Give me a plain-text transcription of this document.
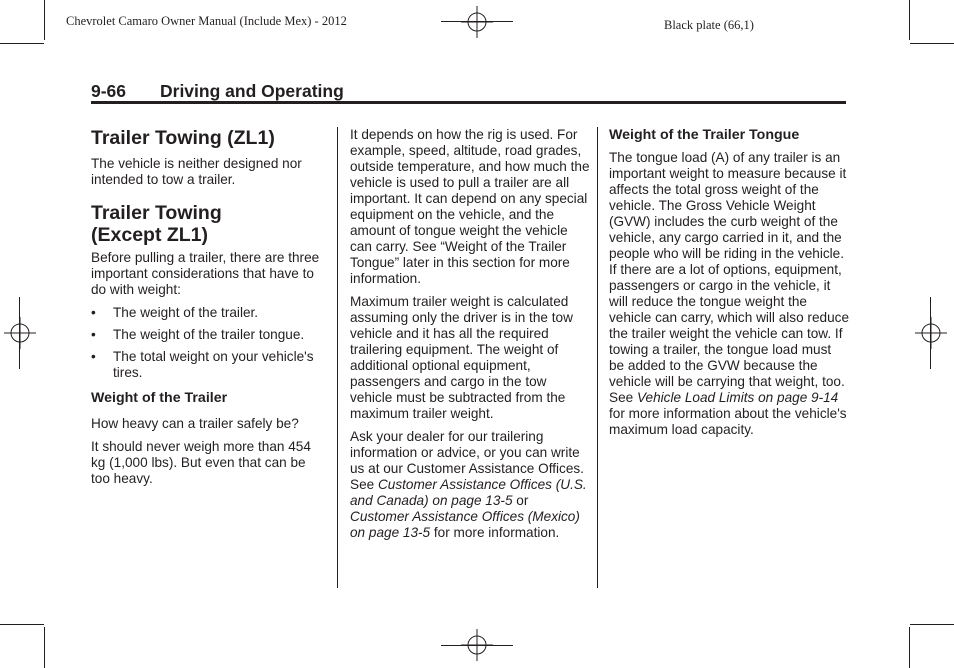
Chevrolet Camaro Owner Manual (Include Mex) - 2012	Black plate (66,1)
9-66 Driving and Operating
Trailer Towing (ZL1)

The vehicle is neither designed nor intended to tow a trailer.

Trailer Towing
(Except ZL1)

Before pulling a trailer, there are three important considerations that have to do with weight:

• The weight of the trailer.
• The weight of the trailer tongue.
• The total weight on your vehicle's tires.
Weight of the Trailer

How heavy can a trailer safely be?

It should never weigh more than 454 kg (1,000 lbs). But even that can be too heavy.

It depends on how the rig is used. For example, speed, altitude, road grades, outside temperature, and how much the vehicle is used to pull a trailer are all important. It can depend on any special equipment on the vehicle, and the amount of tongue weight the vehicle can carry. See “Weight of the Trailer Tongue” later in this section for more information.

Maximum trailer weight is calculated assuming only the driver is in the tow vehicle and it has all the required trailering equipment. The weight of additional optional equipment, passengers and cargo in the tow vehicle must be subtracted from the maximum trailer weight.

Ask your dealer for our trailering information or advice, or you can write us at our Customer Assistance Offices. See Customer Assistance Offices (U.S. and Canada) on page 13-5 or Customer Assistance Offices (Mexico) on page 13-5 for more information.

Weight of the Trailer Tongue

The tongue load (A) of any trailer is an important weight to measure because it affects the total gross weight of the vehicle. The Gross Vehicle Weight (GVW) includes the curb weight of the vehicle, any cargo carried in it, and the people who will be riding in the vehicle.

If there are a lot of options, equipment, passengers or cargo in the vehicle, it will reduce the tongue weight the vehicle can carry, which will also reduce the trailer weight the vehicle can tow. If towing a trailer, the tongue load must be added to the GVW because the vehicle will be carrying that weight, too. See Vehicle Load Limits on page 9-14 for more information about the vehicle's maximum load capacity.
